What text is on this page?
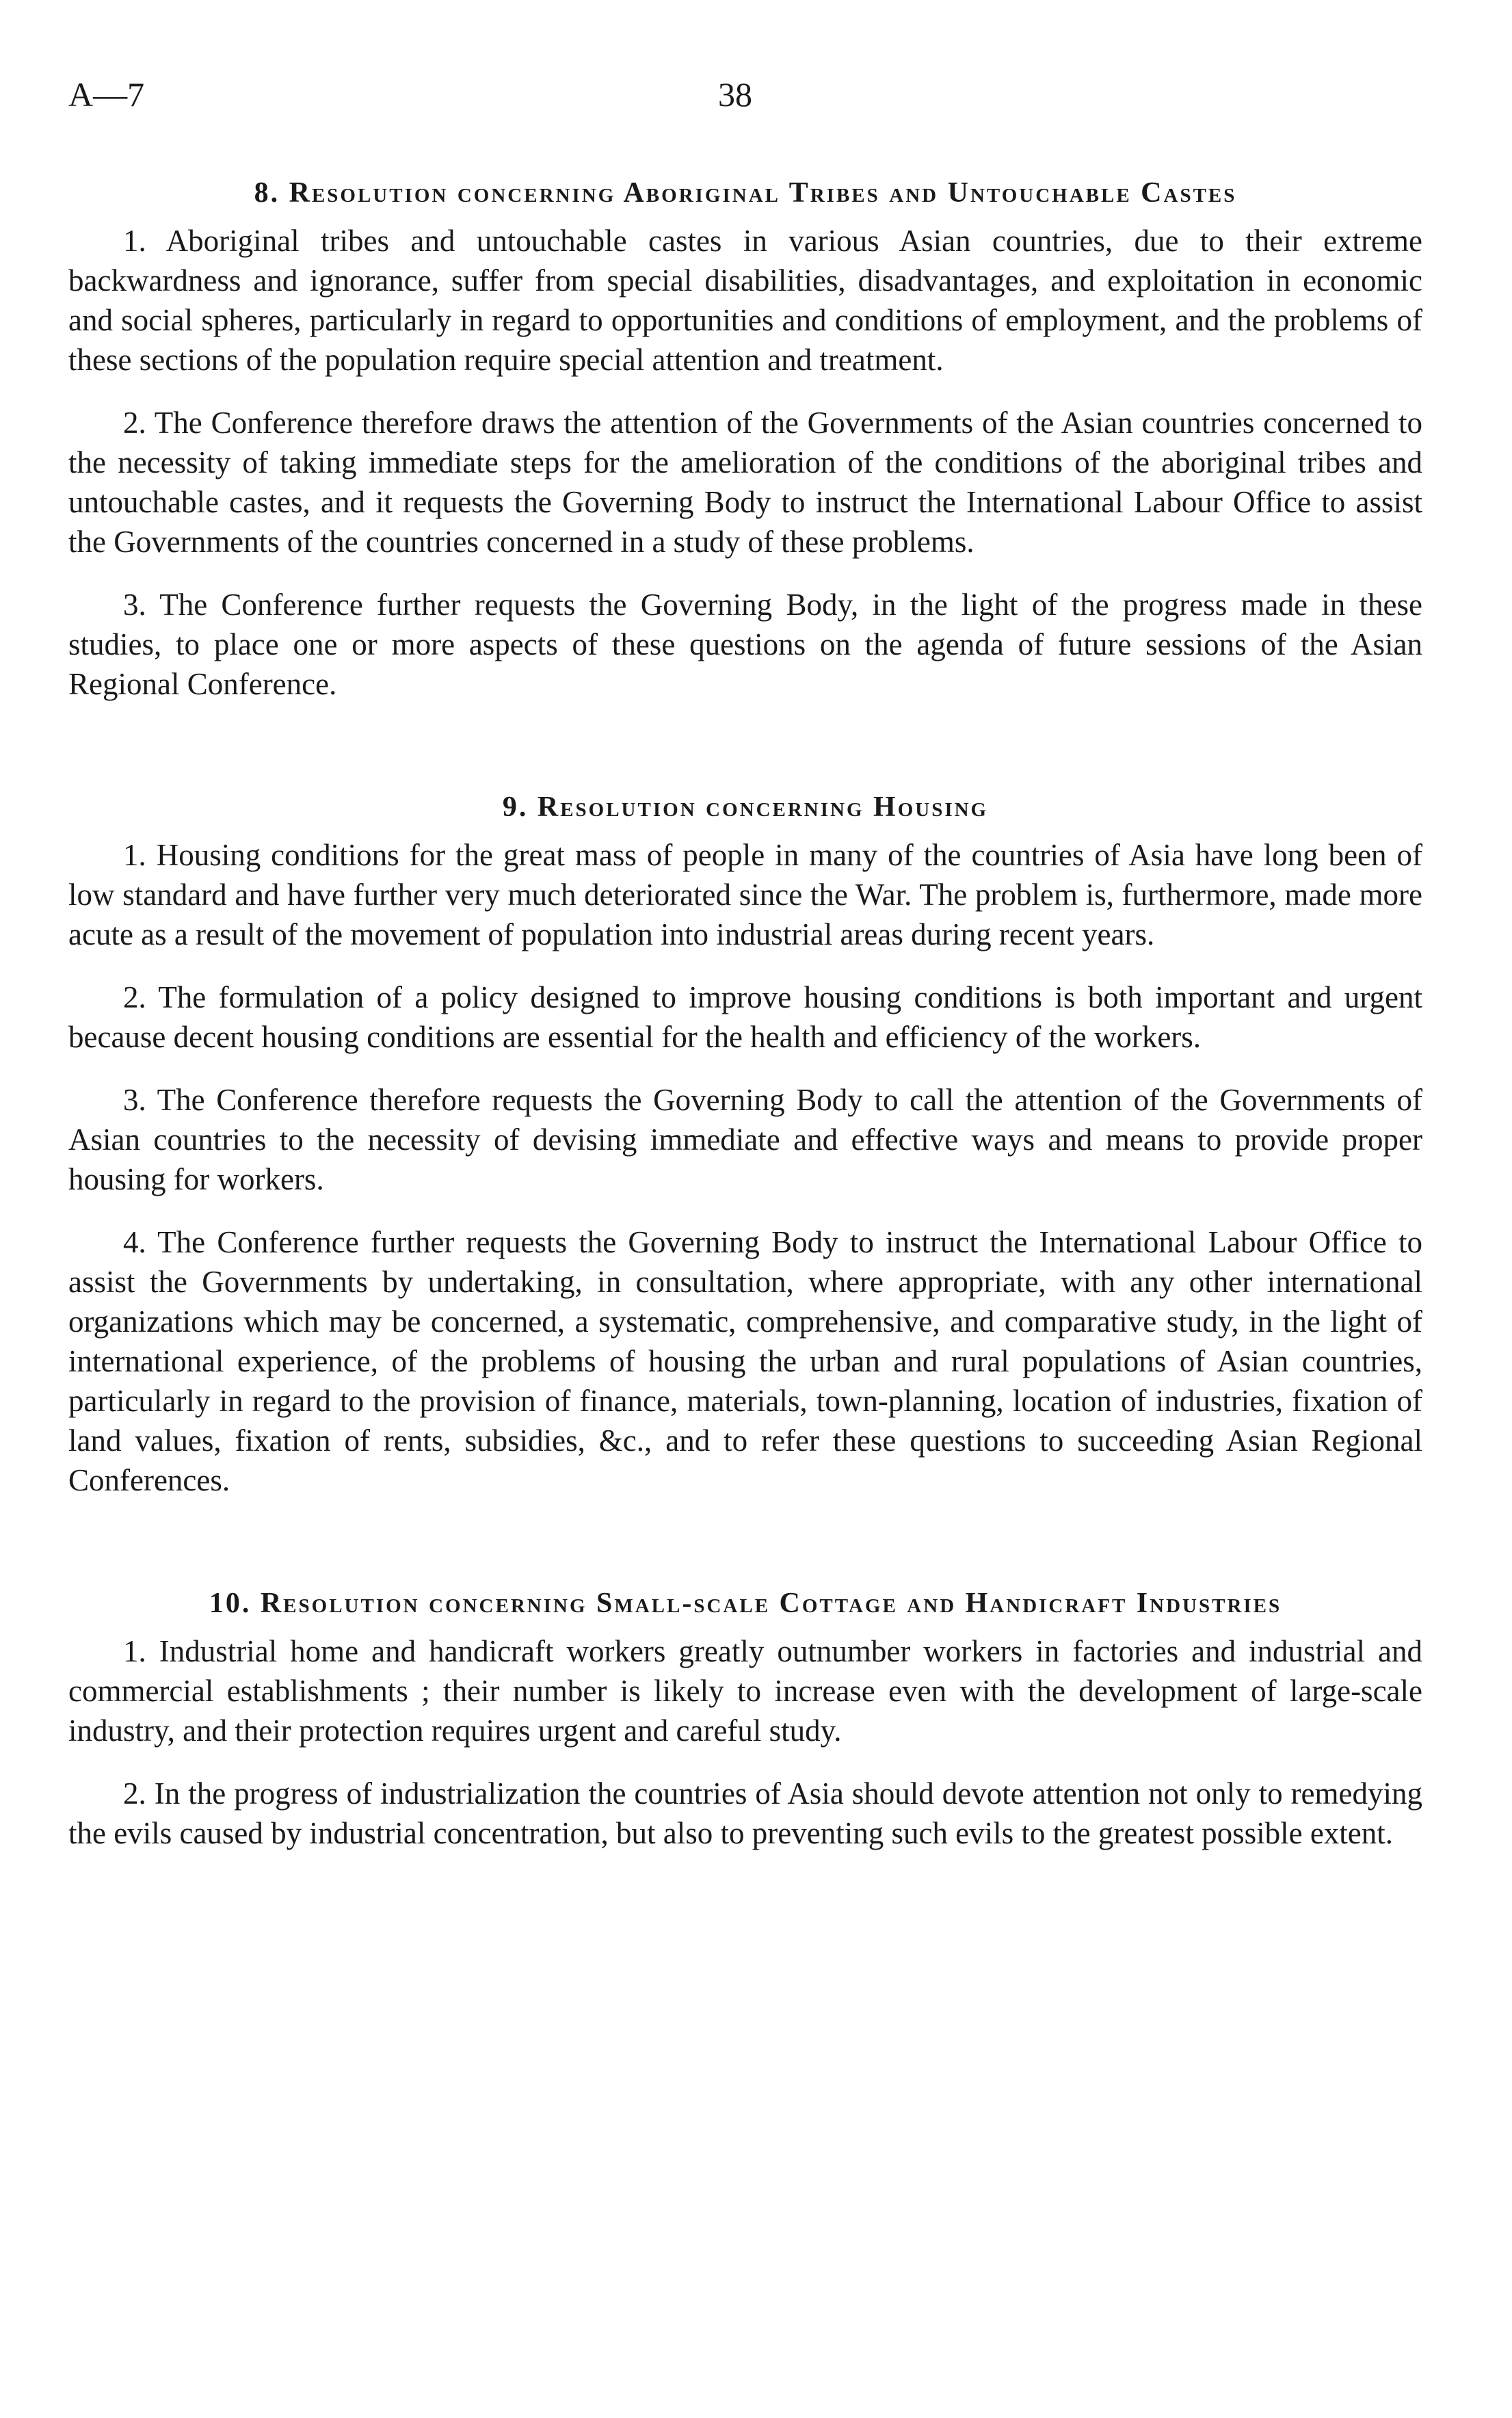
A—7	38
8. Resolution concerning Aboriginal Tribes and Untouchable Castes

1. Aboriginal tribes and untouchable castes in various Asian countries, due to their extreme backwardness and ignorance, suffer from special disabilities, disadvantages, and exploitation in economic and social spheres, particularly in regard to opportunities and conditions of employment, and the problems of these sections of the population require special attention and treatment.

2. The Conference therefore draws the attention of the Governments of the Asian countries concerned to the necessity of taking immediate steps for the amelioration of the conditions of the aboriginal tribes and untouchable castes, and it requests the Governing Body to instruct the International Labour Office to assist the Governments of the countries concerned in a study of these problems.

3. The Conference further requests the Governing Body, in the light of the progress made in these studies, to place one or more aspects of these questions on the agenda of future sessions of the Asian Regional Conference.

9. Resolution concerning Housing

1. Housing conditions for the great mass of people in many of the countries of Asia have long been of low standard and have further very much deteriorated since the War. The problem is, furthermore, made more acute as a result of the movement of population into industrial areas during recent years.

2. The formulation of a policy designed to improve housing conditions is both important and urgent because decent housing conditions are essential for the health and efficiency of the workers.

3. The Conference therefore requests the Governing Body to call the attention of the Governments of Asian countries to the necessity of devising immediate and effective ways and means to provide proper housing for workers.

4. The Conference further requests the Governing Body to instruct the International Labour Office to assist the Governments by undertaking, in consultation, where appropriate, with any other international organizations which may be concerned, a systematic, comprehensive, and comparative study, in the light of international experience, of the problems of housing the urban and rural populations of Asian countries, particularly in regard to the provision of finance, materials, town-planning, location of industries, fixation of land values, fixation of rents, subsidies, &c., and to refer these questions to succeeding Asian Regional Conferences.

10. Resolution concerning Small-scale Cottage and Handicraft Industries

1. Industrial home and handicraft workers greatly outnumber workers in factories and industrial and commercial establishments ; their number is likely to increase even with the development of large-scale industry, and their protection requires urgent and careful study.

2. In the progress of industrialization the countries of Asia should devote attention not only to remedying the evils caused by industrial concentration, but also to preventing such evils to the greatest possible extent.
